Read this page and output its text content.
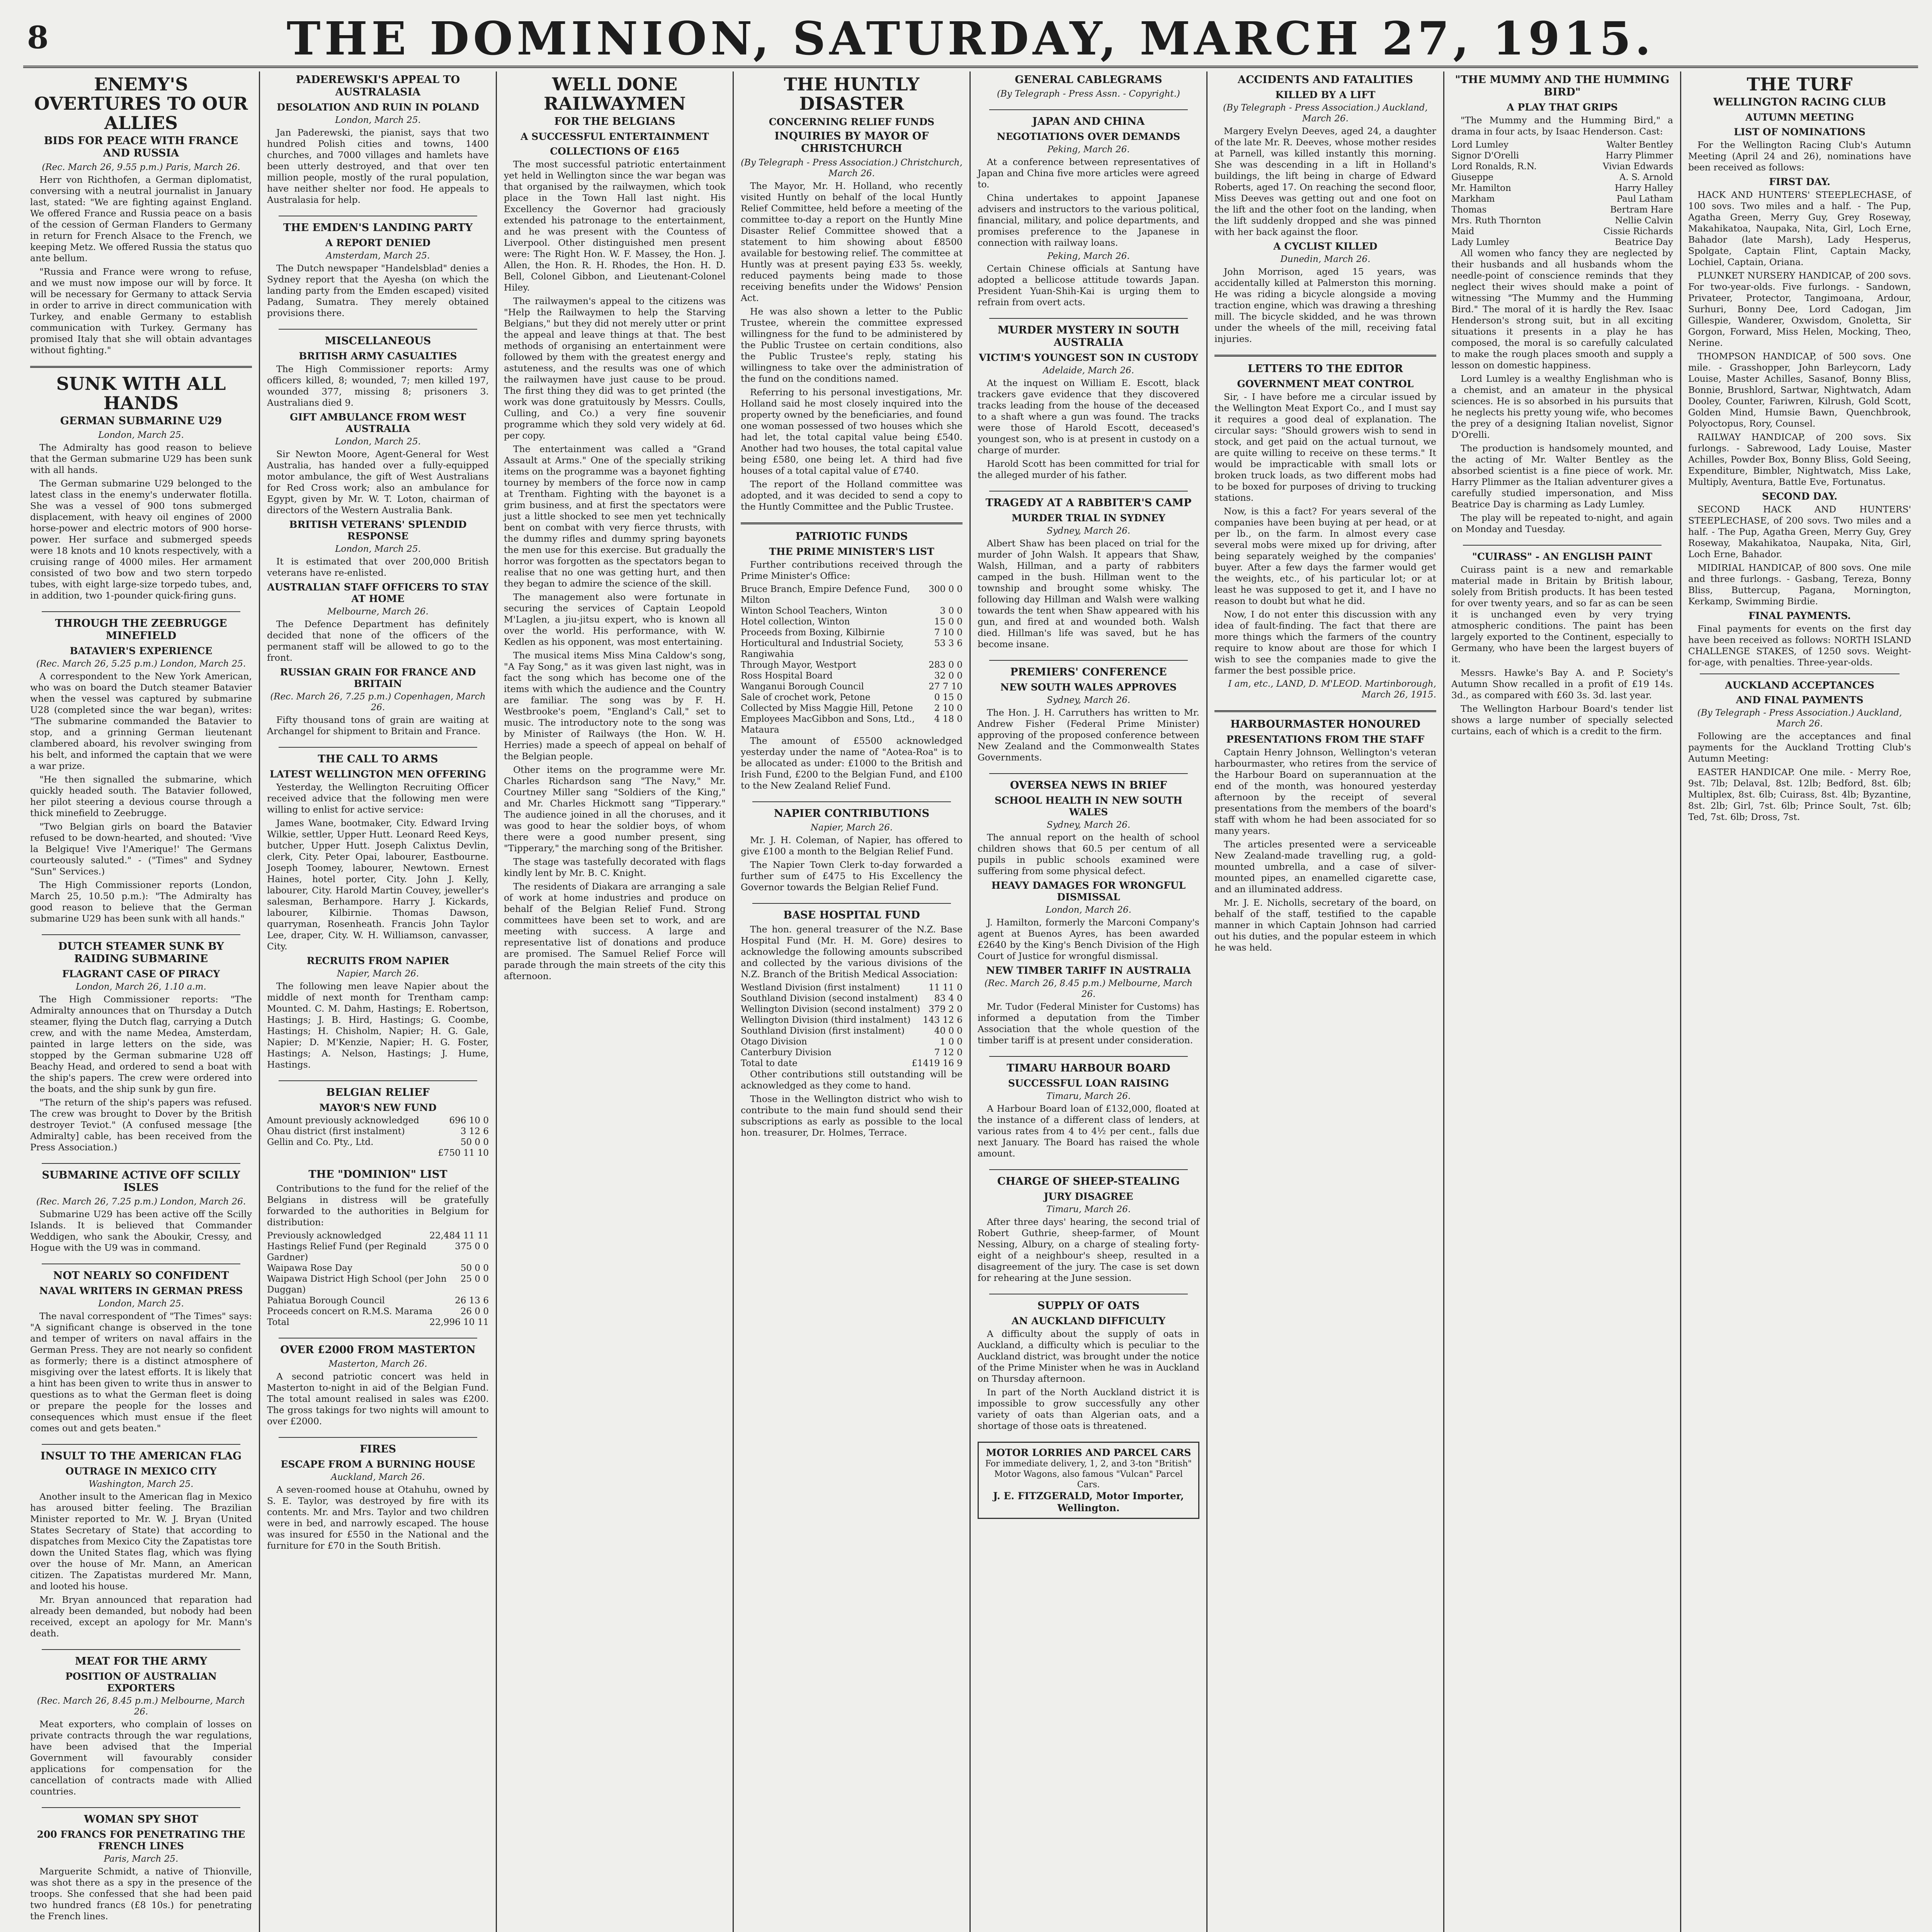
8	THE DOMINION, SATURDAY, MARCH 27, 1915.
ENEMY'S OVERTURES TO OUR ALLIES
BIDS FOR PEACE WITH FRANCE AND RUSSIA
(Rec. March 26, 9.55 p.m.) Paris, March 26.

Herr von Richthofen, a German diplomatist, conversing with a neutral journalist in January last, stated: "We are fighting against England. We offered France and Russia peace on a basis of the cession of German Flanders to Germany in return for French Alsace to the French, we keeping Metz. We offered Russia the status quo ante bellum.

"Russia and France were wrong to refuse, and we must now impose our will by force. It will be necessary for Germany to attack Servia in order to arrive in direct communication with Turkey, and enable Germany to establish communication with Turkey. Germany has promised Italy that she will obtain advantages without fighting."

SUNK WITH ALL HANDS
GERMAN SUBMARINE U29
London, March 25.

The Admiralty has good reason to believe that the German submarine U29 has been sunk with all hands.

The German submarine U29 belonged to the latest class in the enemy's underwater flotilla. She was a vessel of 900 tons submerged displacement, with heavy oil engines of 2000 horse-power and electric motors of 900 horse-power. Her surface and submerged speeds were 18 knots and 10 knots respectively, with a cruising range of 4000 miles. Her armament consisted of two bow and two stern torpedo tubes, with eight large-size torpedo tubes, and, in addition, two 1-pounder quick-firing guns.

THROUGH THE ZEEBRUGGE MINEFIELD
BATAVIER'S EXPERIENCE
(Rec. March 26, 5.25 p.m.) London, March 25.

A correspondent to the New York American, who was on board the Dutch steamer Batavier when the vessel was captured by submarine U28 (completed since the war began), writes: "The submarine commanded the Batavier to stop, and a grinning German lieutenant clambered aboard, his revolver swinging from his belt, and informed the captain that we were a war prize.

"He then signalled the submarine, which quickly headed south. The Batavier followed, her pilot steering a devious course through a thick minefield to Zeebrugge.

"Two Belgian girls on board the Batavier refused to be down-hearted, and shouted: 'Vive la Belgique! Vive l'Amerique!' The Germans courteously saluted." - ("Times" and Sydney "Sun" Services.)

The High Commissioner reports (London, March 25, 10.50 p.m.): "The Admiralty has good reason to believe that the German submarine U29 has been sunk with all hands."

DUTCH STEAMER SUNK BY RAIDING SUBMARINE
FLAGRANT CASE OF PIRACY
London, March 26, 1.10 a.m.

The High Commissioner reports: "The Admiralty announces that on Thursday a Dutch steamer, flying the Dutch flag, carrying a Dutch crew, and with the name Medea, Amsterdam, painted in large letters on the side, was stopped by the German submarine U28 off Beachy Head, and ordered to send a boat with the ship's papers. The crew were ordered into the boats, and the ship sunk by gun fire.

"The return of the ship's papers was refused. The crew was brought to Dover by the British destroyer Teviot." (A confused message [the Admiralty] cable, has been received from the Press Association.)

SUBMARINE ACTIVE OFF SCILLY ISLES
(Rec. March 26, 7.25 p.m.) London, March 26.

Submarine U29 has been active off the Scilly Islands. It is believed that Commander Weddigen, who sank the Aboukir, Cressy, and Hogue with the U9 was in command.

NOT NEARLY SO CONFIDENT
NAVAL WRITERS IN GERMAN PRESS
London, March 25.

The naval correspondent of "The Times" says: "A significant change is observed in the tone and temper of writers on naval affairs in the German Press. They are not nearly so confident as formerly; there is a distinct atmosphere of misgiving over the latest efforts. It is likely that a hint has been given to write thus in answer to questions as to what the German fleet is doing or prepare the people for the losses and consequences which must ensue if the fleet comes out and gets beaten."

INSULT TO THE AMERICAN FLAG
OUTRAGE IN MEXICO CITY
Washington, March 25.

Another insult to the American flag in Mexico has aroused bitter feeling. The Brazilian Minister reported to Mr. W. J. Bryan (United States Secretary of State) that according to dispatches from Mexico City the Zapatistas tore down the United States flag, which was flying over the house of Mr. Mann, an American citizen. The Zapatistas murdered Mr. Mann, and looted his house.

Mr. Bryan announced that reparation had already been demanded, but nobody had been received, except an apology for Mr. Mann's death.

MEAT FOR THE ARMY
POSITION OF AUSTRALIAN EXPORTERS
(Rec. March 26, 8.45 p.m.) Melbourne, March 26.

Meat exporters, who complain of losses on private contracts through the war regulations, have been advised that the Imperial Government will favourably consider applications for compensation for the cancellation of contracts made with Allied countries.

WOMAN SPY SHOT
200 FRANCS FOR PENETRATING THE FRENCH LINES
Paris, March 25.

Marguerite Schmidt, a native of Thionville, was shot there as a spy in the presence of the troops. She confessed that she had been paid two hundred francs (£8 10s.) for penetrating the French lines.

PADEREWSKI'S APPEAL TO AUSTRALASIA
DESOLATION AND RUIN IN POLAND
London, March 25.

Jan Paderewski, the pianist, says that two hundred Polish cities and towns, 1400 churches, and 7000 villages and hamlets have been utterly destroyed, and that over ten million people, mostly of the rural population, have neither shelter nor food. He appeals to Australasia for help.

THE EMDEN'S LANDING PARTY
A REPORT DENIED
Amsterdam, March 25.

The Dutch newspaper "Handelsblad" denies a Sydney report that the Ayesha (on which the landing party from the Emden escaped) visited Padang, Sumatra. They merely obtained provisions there.

MISCELLANEOUS
BRITISH ARMY CASUALTIES

The High Commissioner reports: Army officers killed, 8; wounded, 7; men killed 197, wounded 377, missing 8; prisoners 3. Australians died 9.

GIFT AMBULANCE FROM WEST AUSTRALIA
London, March 25.

Sir Newton Moore, Agent-General for West Australia, has handed over a fully-equipped motor ambulance, the gift of West Australians for Red Cross work; also an ambulance for Egypt, given by Mr. W. T. Loton, chairman of directors of the Western Australia Bank.

BRITISH VETERANS' SPLENDID RESPONSE
London, March 25.

It is estimated that over 200,000 British veterans have re-enlisted.

AUSTRALIAN STAFF OFFICERS TO STAY AT HOME
Melbourne, March 26.

The Defence Department has definitely decided that none of the officers of the permanent staff will be allowed to go to the front.

RUSSIAN GRAIN FOR FRANCE AND BRITAIN
(Rec. March 26, 7.25 p.m.) Copenhagen, March 26.

Fifty thousand tons of grain are waiting at Archangel for shipment to Britain and France.

THE CALL TO ARMS
LATEST WELLINGTON MEN OFFERING

Yesterday, the Wellington Recruiting Officer received advice that the following men were willing to enlist for active service:

James Wane, bootmaker, City. Edward Irving Wilkie, settler, Upper Hutt. Leonard Reed Keys, butcher, Upper Hutt. Joseph Calixtus Devlin, clerk, City. Peter Opai, labourer, Eastbourne. Joseph Toomey, labourer, Newtown. Ernest Haines, hotel porter, City. John J. Kelly, labourer, City. Harold Martin Couvey, jeweller's salesman, Berhampore. Harry J. Kickards, labourer, Kilbirnie. Thomas Dawson, quarryman, Rosenheath. Francis John Taylor Lee, draper, City. W. H. Williamson, canvasser, City.

RECRUITS FROM NAPIER
Napier, March 26.

The following men leave Napier about the middle of next month for Trentham camp: Mounted. C. M. Dahm, Hastings; E. Robertson, Hastings; J. B. Hird, Hastings; G. Coombe, Hastings; H. Chisholm, Napier; H. G. Gale, Napier; D. M'Kenzie, Napier; H. G. Foster, Hastings; A. Nelson, Hastings; J. Hume, Hastings.

BELGIAN RELIEF
MAYOR'S NEW FUND
Amount previously acknowledged	696 10 0
Ohau district (first instalment)	3 12 6
Gellin and Co. Pty., Ltd.	50 0 0
£750 11 10
THE "DOMINION" LIST

Contributions to the fund for the relief of the Belgians in distress will be gratefully forwarded to the authorities in Belgium for distribution:

Previously acknowledged	22,484 11 11
Hastings Relief Fund (per Reginald Gardner)
375 0 0
Waipawa Rose Day	50 0 0
Waipawa District High School (per John Duggan)
25 0 0
Pahiatua Borough Council	26 13 6
Proceeds concert on R.M.S. Marama	26 0 0
Total	22,996 10 11
OVER £2000 FROM MASTERTON
Masterton, March 26.

A second patriotic concert was held in Masterton to-night in aid of the Belgian Fund. The total amount realised in sales was £200. The gross takings for two nights will amount to over £2000.

FIRES
ESCAPE FROM A BURNING HOUSE
Auckland, March 26.

A seven-roomed house at Otahuhu, owned by S. E. Taylor, was destroyed by fire with its contents. Mr. and Mrs. Taylor and two children were in bed, and narrowly escaped. The house was insured for £550 in the National and the furniture for £70 in the South British.

WELL DONE RAILWAYMEN
FOR THE BELGIANS
A SUCCESSFUL ENTERTAINMENT
COLLECTIONS OF £165

The most successful patriotic entertainment yet held in Wellington since the war began was that organised by the railwaymen, which took place in the Town Hall last night. His Excellency the Governor had graciously extended his patronage to the entertainment, and he was present with the Countess of Liverpool. Other distinguished men present were: The Right Hon. W. F. Massey, the Hon. J. Allen, the Hon. R. H. Rhodes, the Hon. H. D. Bell, Colonel Gibbon, and Lieutenant-Colonel Hiley.

The railwaymen's appeal to the citizens was "Help the Railwaymen to help the Starving Belgians," but they did not merely utter or print the appeal and leave things at that. The best methods of organising an entertainment were followed by them with the greatest energy and astuteness, and the results was one of which the railwaymen have just cause to be proud. The first thing they did was to get printed (the work was done gratuitously by Messrs. Coulls, Culling, and Co.) a very fine souvenir programme which they sold very widely at 6d. per copy.

The entertainment was called a "Grand Assault at Arms." One of the specially striking items on the programme was a bayonet fighting tourney by members of the force now in camp at Trentham. Fighting with the bayonet is a grim business, and at first the spectators were just a little shocked to see men yet technically bent on combat with very fierce thrusts, with the dummy rifles and dummy spring bayonets the men use for this exercise. But gradually the horror was forgotten as the spectators began to realise that no one was getting hurt, and then they began to admire the science of the skill.

The management also were fortunate in securing the services of Captain Leopold M'Laglen, a jiu-jitsu expert, who is known all over the world. His performance, with W. Kedlen as his opponent, was most entertaining.

The musical items Miss Mina Caldow's song, "A Fay Song," as it was given last night, was in fact the song which has become one of the items with which the audience and the Country are familiar. The song was by F. H. Westbrooke's poem, "England's Call," set to music. The introductory note to the song was by Minister of Railways (the Hon. W. H. Herries) made a speech of appeal on behalf of the Belgian people.

Other items on the programme were Mr. Charles Richardson sang "The Navy," Mr. Courtney Miller sang "Soldiers of the King," and Mr. Charles Hickmott sang "Tipperary." The audience joined in all the choruses, and it was good to hear the soldier boys, of whom there were a good number present, sing "Tipperary," the marching song of the Britisher.

The stage was tastefully decorated with flags kindly lent by Mr. B. C. Knight.

The residents of Diakara are arranging a sale of work at home industries and produce on behalf of the Belgian Relief Fund. Strong committees have been set to work, and are meeting with success. A large and representative list of donations and produce are promised. The Samuel Relief Force will parade through the main streets of the city this afternoon.

THE HUNTLY DISASTER
CONCERNING RELIEF FUNDS
INQUIRIES BY MAYOR OF CHRISTCHURCH
(By Telegraph - Press Association.) Christchurch, March 26.

The Mayor, Mr. H. Holland, who recently visited Huntly on behalf of the local Huntly Relief Committee, held before a meeting of the committee to-day a report on the Huntly Mine Disaster Relief Committee showed that a statement to him showing about £8500 available for bestowing relief. The committee at Huntly was at present paying £33 5s. weekly, reduced payments being made to those receiving benefits under the Widows' Pension Act.

He was also shown a letter to the Public Trustee, wherein the committee expressed willingness for the fund to be administered by the Public Trustee on certain conditions, also the Public Trustee's reply, stating his willingness to take over the administration of the fund on the conditions named.

Referring to his personal investigations, Mr. Holland said he most closely inquired into the property owned by the beneficiaries, and found one woman possessed of two houses which she had let, the total capital value being £540. Another had two houses, the total capital value being £580, one being let. A third had five houses of a total capital value of £740.

The report of the Holland committee was adopted, and it was decided to send a copy to the Huntly Committee and the Public Trustee.

PATRIOTIC FUNDS
THE PRIME MINISTER'S LIST

Further contributions received through the Prime Minister's Office:

Bruce Branch, Empire Defence Fund, Milton
300 0 0
Winton School Teachers, Winton	3 0 0
Hotel collection, Winton	15 0 0
Proceeds from Boxing, Kilbirnie	7 10 0
Horticultural and Industrial Society, Rangiwahia
53 3 6
Through Mayor, Westport	283 0 0
Ross Hospital Board	32 0 0
Wanganui Borough Council	27 7 10
Sale of crochet work, Petone	0 15 0
Collected by Miss Maggie Hill, Petone	2 10 0
Employees MacGibbon and Sons, Ltd., Mataura
4 18 0

The amount of £5500 acknowledged yesterday under the name of "Aotea-Roa" is to be allocated as under: £1000 to the British and Irish Fund, £200 to the Belgian Fund, and £100 to the New Zealand Relief Fund.

NAPIER CONTRIBUTIONS
Napier, March 26.

Mr. J. H. Coleman, of Napier, has offered to give £100 a month to the Belgian Relief Fund.

The Napier Town Clerk to-day forwarded a further sum of £475 to His Excellency the Governor towards the Belgian Relief Fund.

BASE HOSPITAL FUND

The hon. general treasurer of the N.Z. Base Hospital Fund (Mr. H. M. Gore) desires to acknowledge the following amounts subscribed and collected by the various divisions of the N.Z. Branch of the British Medical Association:

Westland Division (first instalment)	11 11 0
Southland Division (second instalment)	83 4 0
Wellington Division (second instalment) 379 2 0
Wellington Division (third instalment)	143 12 6
Southland Division (first instalment)	40 0 0
Otago Division	1 0 0
Canterbury Division	7 12 0
Total to date	£1419 16 9

Other contributions still outstanding will be acknowledged as they come to hand.

Those in the Wellington district who wish to contribute to the main fund should send their subscriptions as early as possible to the local hon. treasurer, Dr. Holmes, Terrace.

GENERAL CABLEGRAMS
(By Telegraph - Press Assn. - Copyright.)
JAPAN AND CHINA
NEGOTIATIONS OVER DEMANDS
Peking, March 26.

At a conference between representatives of Japan and China five more articles were agreed to.

China undertakes to appoint Japanese advisers and instructors to the various political, financial, military, and police departments, and promises preference to the Japanese in connection with railway loans.

Peking, March 26.

Certain Chinese officials at Santung have adopted a bellicose attitude towards Japan. President Yuan-Shih-Kai is urging them to refrain from overt acts.

MURDER MYSTERY IN SOUTH AUSTRALIA
VICTIM'S YOUNGEST SON IN CUSTODY
Adelaide, March 26.

At the inquest on William E. Escott, black trackers gave evidence that they discovered tracks leading from the house of the deceased to a shaft where a gun was found. The tracks were those of Harold Escott, deceased's youngest son, who is at present in custody on a charge of murder.

Harold Scott has been committed for trial for the alleged murder of his father.

TRAGEDY AT A RABBITER'S CAMP
MURDER TRIAL IN SYDNEY
Sydney, March 26.

Albert Shaw has been placed on trial for the murder of John Walsh. It appears that Shaw, Walsh, Hillman, and a party of rabbiters camped in the bush. Hillman went to the township and brought some whisky. The following day Hillman and Walsh were walking towards the tent when Shaw appeared with his gun, and fired at and wounded both. Walsh died. Hillman's life was saved, but he has become insane.

PREMIERS' CONFERENCE
NEW SOUTH WALES APPROVES
Sydney, March 26.

The Hon. J. H. Carruthers has written to Mr. Andrew Fisher (Federal Prime Minister) approving of the proposed conference between New Zealand and the Commonwealth States Governments.

OVERSEA NEWS IN BRIEF
SCHOOL HEALTH IN NEW SOUTH WALES
Sydney, March 26.

The annual report on the health of school children shows that 60.5 per centum of all pupils in public schools examined were suffering from some physical defect.

HEAVY DAMAGES FOR WRONGFUL DISMISSAL
London, March 26.

J. Hamilton, formerly the Marconi Company's agent at Buenos Ayres, has been awarded £2640 by the King's Bench Division of the High Court of Justice for wrongful dismissal.

NEW TIMBER TARIFF IN AUSTRALIA
(Rec. March 26, 8.45 p.m.) Melbourne, March 26.

Mr. Tudor (Federal Minister for Customs) has informed a deputation from the Timber Association that the whole question of the timber tariff is at present under consideration.

TIMARU HARBOUR BOARD
SUCCESSFUL LOAN RAISING
Timaru, March 26.

A Harbour Board loan of £132,000, floated at the instance of a different class of lenders, at various rates from 4 to 4½ per cent., falls due next January. The Board has raised the whole amount.

CHARGE OF SHEEP-STEALING
JURY DISAGREE
Timaru, March 26.

After three days' hearing, the second trial of Robert Guthrie, sheep-farmer, of Mount Nessing, Albury, on a charge of stealing forty-eight of a neighbour's sheep, resulted in a disagreement of the jury. The case is set down for rehearing at the June session.

SUPPLY OF OATS
AN AUCKLAND DIFFICULTY

A difficulty about the supply of oats in Auckland, a difficulty which is peculiar to the Auckland district, was brought under the notice of the Prime Minister when he was in Auckland on Thursday afternoon.

In part of the North Auckland district it is impossible to grow successfully any other variety of oats than Algerian oats, and a shortage of those oats is threatened.

MOTOR LORRIES AND PARCEL CARS
For immediate delivery, 1, 2, and 3-ton "British" Motor Wagons, also famous "Vulcan" Parcel Cars.
J. E. FITZGERALD, Motor Importer, Wellington.
ACCIDENTS AND FATALITIES
KILLED BY A LIFT
(By Telegraph - Press Association.) Auckland, March 26.

Margery Evelyn Deeves, aged 24, a daughter of the late Mr. R. Deeves, whose mother resides at Parnell, was killed instantly this morning. She was descending in a lift in Holland's buildings, the lift being in charge of Edward Roberts, aged 17. On reaching the second floor, Miss Deeves was getting out and one foot on the lift and the other foot on the landing, when the lift suddenly dropped and she was pinned with her back against the floor.

A CYCLIST KILLED
Dunedin, March 26.

John Morrison, aged 15 years, was accidentally killed at Palmerston this morning. He was riding a bicycle alongside a moving traction engine, which was drawing a threshing mill. The bicycle skidded, and he was thrown under the wheels of the mill, receiving fatal injuries.

LETTERS TO THE EDITOR
GOVERNMENT MEAT CONTROL

Sir, - I have before me a circular issued by the Wellington Meat Export Co., and I must say it requires a good deal of explanation. The circular says: "Should growers wish to send in stock, and get paid on the actual turnout, we are quite willing to receive on these terms." It would be impracticable with small lots or broken truck loads, as two different mobs had to be boxed for purposes of driving to trucking stations.

Now, is this a fact? For years several of the companies have been buying at per head, or at per lb., on the farm. In almost every case several mobs were mixed up for driving, after being separately weighed by the companies' buyer. After a few days the farmer would get the weights, etc., of his particular lot; or at least he was supposed to get it, and I have no reason to doubt but what he did.

Now, I do not enter this discussion with any idea of fault-finding. The fact that there are more things which the farmers of the country require to know about are those for which I wish to see the companies made to give the farmer the best possible price.

I am, etc., LAND, D. M'LEOD. Martinborough, March 26, 1915.
HARBOURMASTER HONOURED
PRESENTATIONS FROM THE STAFF

Captain Henry Johnson, Wellington's veteran harbourmaster, who retires from the service of the Harbour Board on superannuation at the end of the month, was honoured yesterday afternoon by the receipt of several presentations from the members of the board's staff with whom he had been associated for so many years.

The articles presented were a serviceable New Zealand-made travelling rug, a gold-mounted umbrella, and a case of silver-mounted pipes, an enamelled cigarette case, and an illuminated address.

Mr. J. E. Nicholls, secretary of the board, on behalf of the staff, testified to the capable manner in which Captain Johnson had carried out his duties, and the popular esteem in which he was held.

"THE MUMMY AND THE HUMMING BIRD"
A PLAY THAT GRIPS

"The Mummy and the Humming Bird," a drama in four acts, by Isaac Henderson. Cast:

Lord Lumley	Walter Bentley
Signor D'Orelli	Harry Plimmer
Lord Ronalds, R.N.	Vivian Edwards
Giuseppe	A. S. Arnold
Mr. Hamilton	Harry Halley
Markham	Paul Latham
Thomas	Bertram Hare
Mrs. Ruth Thornton	Nellie Calvin
Maid	Cissie Richards
Lady Lumley	Beatrice Day

All women who fancy they are neglected by their husbands and all husbands whom the needle-point of conscience reminds that they neglect their wives should make a point of witnessing "The Mummy and the Humming Bird." The moral of it is hardly the Rev. Isaac Henderson's strong suit, but in all exciting situations it presents in a play he has composed, the moral is so carefully calculated to make the rough places smooth and supply a lesson on domestic happiness.

Lord Lumley is a wealthy Englishman who is a chemist, and an amateur in the physical sciences. He is so absorbed in his pursuits that he neglects his pretty young wife, who becomes the prey of a designing Italian novelist, Signor D'Orelli.

The production is handsomely mounted, and the acting of Mr. Walter Bentley as the absorbed scientist is a fine piece of work. Mr. Harry Plimmer as the Italian adventurer gives a carefully studied impersonation, and Miss Beatrice Day is charming as Lady Lumley.

The play will be repeated to-night, and again on Monday and Tuesday.

"CUIRASS" - AN ENGLISH PAINT

Cuirass paint is a new and remarkable material made in Britain by British labour, solely from British products. It has been tested for over twenty years, and so far as can be seen it is unchanged even by very trying atmospheric conditions. The paint has been largely exported to the Continent, especially to Germany, who have been the largest buyers of it.

Messrs. Hawke's Bay A. and P. Society's Autumn Show recalled in a profit of £19 14s. 3d., as compared with £60 3s. 3d. last year.

The Wellington Harbour Board's tender list shows a large number of specially selected curtains, each of which is a credit to the firm.

THE TURF
WELLINGTON RACING CLUB
AUTUMN MEETING
LIST OF NOMINATIONS

For the Wellington Racing Club's Autumn Meeting (April 24 and 26), nominations have been received as follows:

FIRST DAY.

HACK AND HUNTERS' STEEPLECHASE, of 100 sovs. Two miles and a half. - The Pup, Agatha Green, Merry Guy, Grey Roseway, Makahikatoa, Naupaka, Nita, Girl, Loch Erne, Bahador (late Marsh), Lady Hesperus, Spolgate, Captain Flint, Captain Macky, Lochiel, Captain, Oriana.

PLUNKET NURSERY HANDICAP, of 200 sovs. For two-year-olds. Five furlongs. - Sandown, Privateer, Protector, Tangimoana, Ardour, Surhuri, Bonny Dee, Lord Cadogan, Jim Gillespie, Wanderer, Oxwisdom, Gnoletta, Sir Gorgon, Forward, Miss Helen, Mocking, Theo, Nerine.

THOMPSON HANDICAP, of 500 sovs. One mile. - Grasshopper, John Barleycorn, Lady Louise, Master Achilles, Sasanof, Bonny Bliss, Bonnie, Brushlord, Sartwar, Nightwatch, Adam Dooley, Counter, Fariwren, Kilrush, Gold Scott, Golden Mind, Humsie Bawn, Quenchbrook, Polyoctopus, Rory, Counsel.

RAILWAY HANDICAP, of 200 sovs. Six furlongs. - Sabrewood, Lady Louise, Master Achilles, Powder Box, Bonny Bliss, Gold Seeing, Expenditure, Bimbler, Nightwatch, Miss Lake, Multiply, Aventura, Battle Eve, Fortunatus.

SECOND DAY.

SECOND HACK AND HUNTERS' STEEPLECHASE, of 200 sovs. Two miles and a half. - The Pup, Agatha Green, Merry Guy, Grey Roseway, Makahikatoa, Naupaka, Nita, Girl, Loch Erne, Bahador.

MIDIRIAL HANDICAP, of 800 sovs. One mile and three furlongs. - Gasbang, Tereza, Bonny Bliss, Buttercup, Pagana, Mornington, Kerkamp, Swimming Birdie.

FINAL PAYMENTS.

Final payments for events on the first day have been received as follows: NORTH ISLAND CHALLENGE STAKES, of 1250 sovs. Weight-for-age, with penalties. Three-year-olds.

AUCKLAND ACCEPTANCES
AND FINAL PAYMENTS
(By Telegraph - Press Association.) Auckland, March 26.

Following are the acceptances and final payments for the Auckland Trotting Club's Autumn Meeting:

EASTER HANDICAP. One mile. - Merry Roe, 9st. 7lb; Delaval, 8st. 12lb; Bedford, 8st. 6lb; Multiplex, 8st. 6lb; Cuirass, 8st. 4lb; Byzantine, 8st. 2lb; Girl, 7st. 6lb; Prince Soult, 7st. 6lb; Ted, 7st. 6lb; Dross, 7st.
